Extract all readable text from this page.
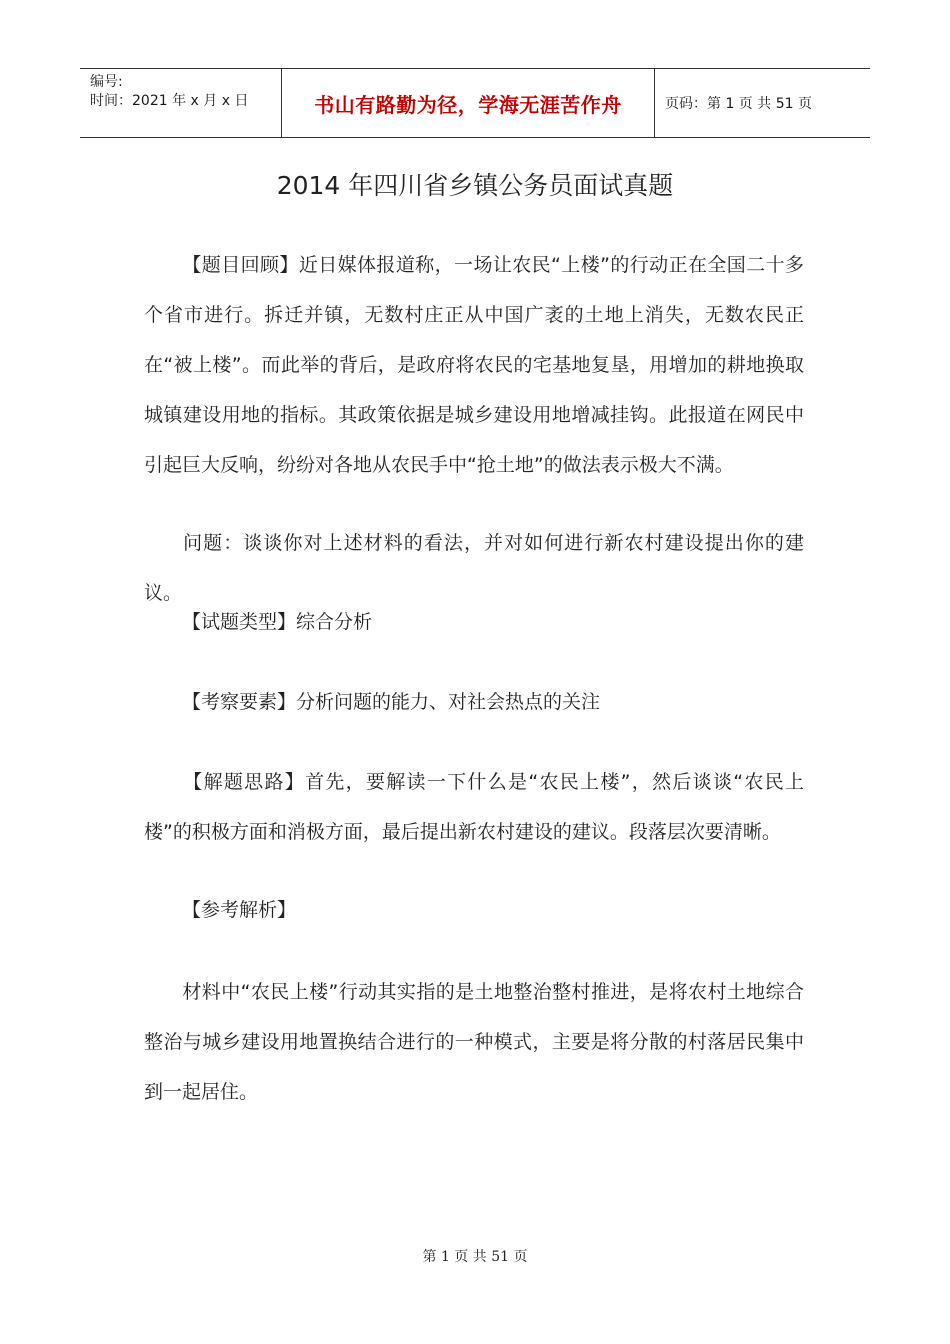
编号:
时间：2021 年 x 月 x 日	书山有路勤为径，学海无涯苦作舟	页码：第 1 页 共 51 页
2014 年四川省乡镇公务员面试真题
【题目回顾】近日媒体报道称，一场让农民“上楼”的行动正在全国二十多个省市进行。拆迁并镇，无数村庄正从中国广袤的土地上消失，无数农民正在“被上楼”。而此举的背后，是政府将农民的宅基地复垦，用增加的耕地换取城镇建设用地的指标。其政策依据是城乡建设用地增减挂钩。此报道在网民中引起巨大反响，纷纷对各地从农民手中“抢土地”的做法表示极大不满。
问题：谈谈你对上述材料的看法，并对如何进行新农村建设提出你的建议。
【试题类型】综合分析
【考察要素】分析问题的能力、对社会热点的关注
【解题思路】首先，要解读一下什么是“农民上楼”，然后谈谈“农民上楼”的积极方面和消极方面，最后提出新农村建设的建议。段落层次要清晰。
【参考解析】
材料中“农民上楼”行动其实指的是土地整治整村推进，是将农村土地综合整治与城乡建设用地置换结合进行的一种模式，主要是将分散的村落居民集中到一起居住。
第 1 页 共 51 页
